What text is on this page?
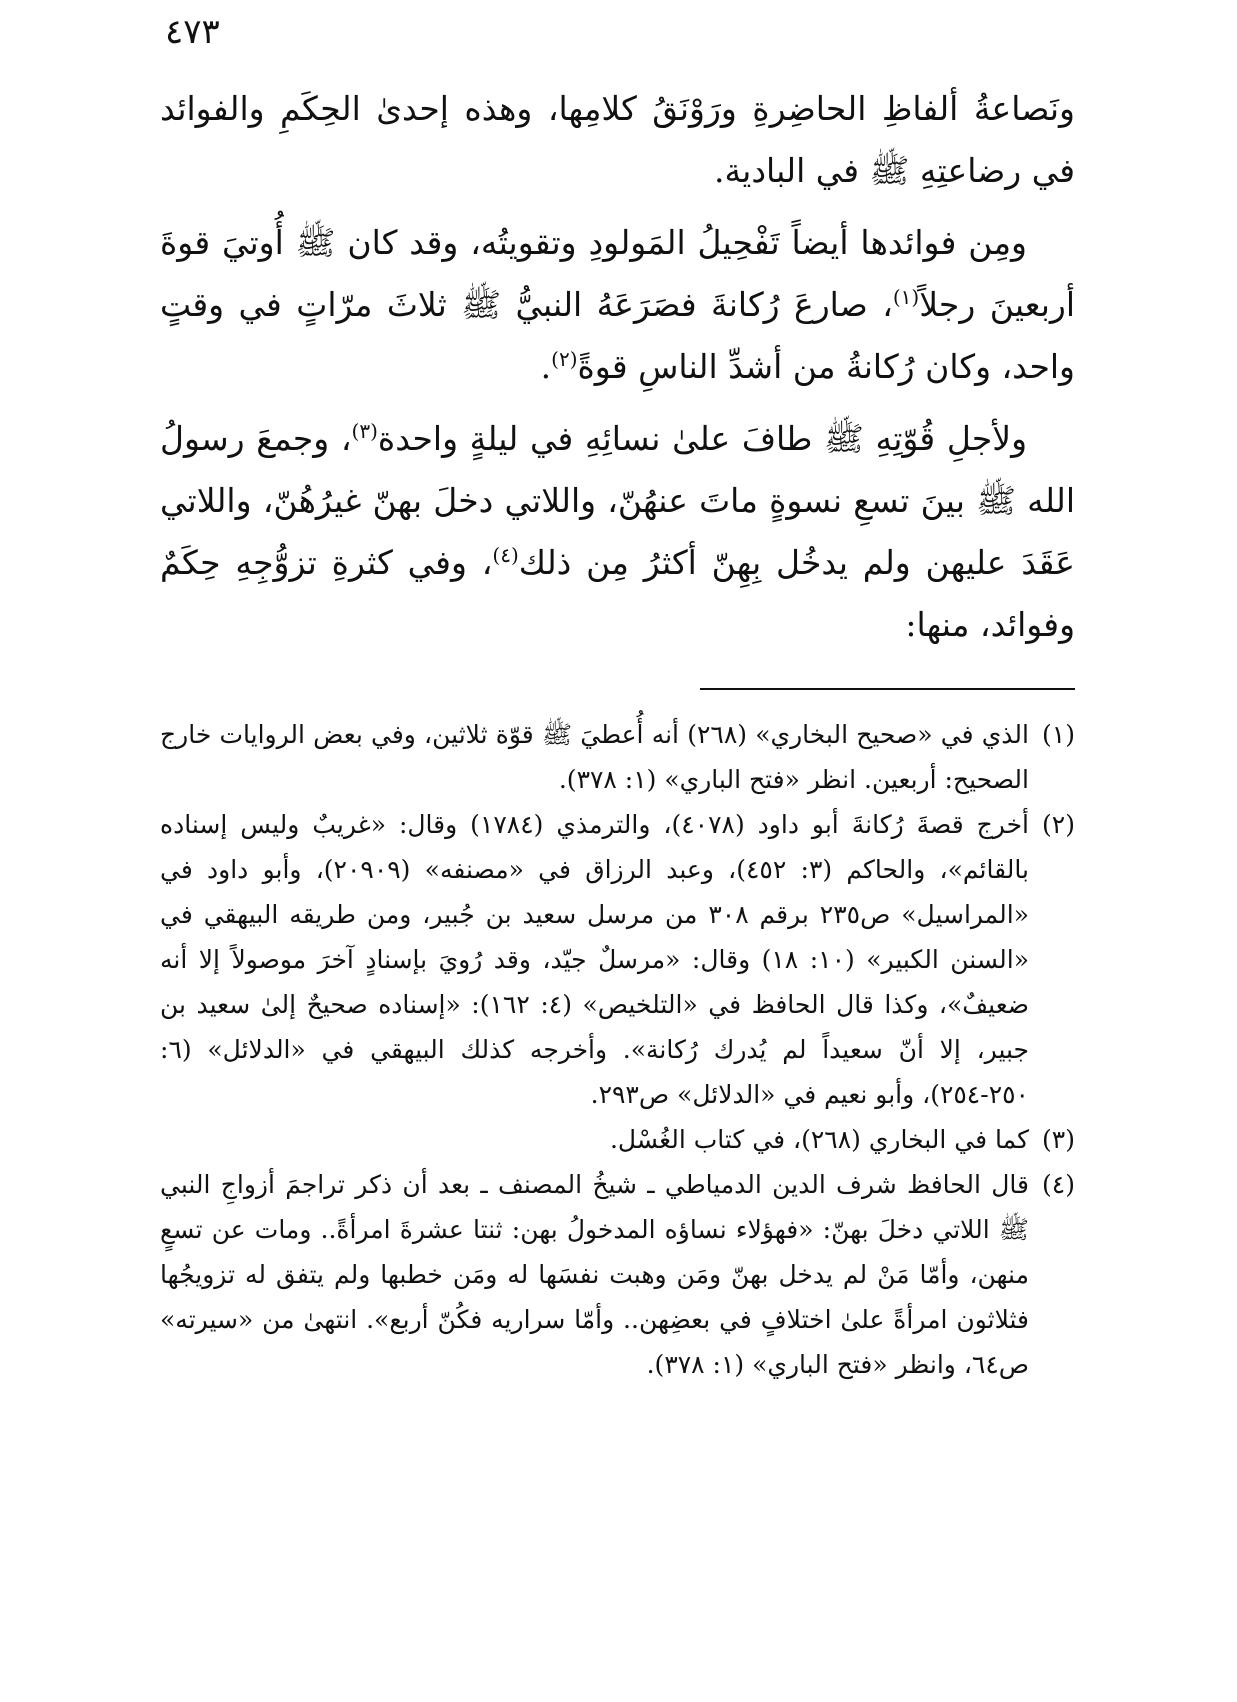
٤٧٣

ونَصاعةُ ألفاظِ الحاضِرةِ ورَوْنَقُ كلامِها، وهذه إحدىٰ الحِكَمِ والفوائد في رضاعتِهِ ﷺ في البادية.

ومِن فوائدها أيضاً تَفْحِيلُ المَولودِ وتقويتُه، وقد كان ﷺ أُوتيَ قوةَ أربعينَ رجلاً$^{(١)}$، صارعَ رُكانةَ فصَرَعَهُ النبيُّ ﷺ ثلاثَ مرّاتٍ في وقتٍ واحد، وكان رُكانةُ من أشدِّ الناسِ قوةً$^{(٢)}$.

ولأجلِ قُوّتِهِ ﷺ طافَ علىٰ نسائِهِ في ليلةٍ واحدة$^{(٣)}$، وجمعَ رسولُ الله ﷺ بينَ تسعِ نسوةٍ ماتَ عنهُنّ، واللاتي دخلَ بهنّ غيرُهُنّ، واللاتي عَقَدَ عليهن ولم يدخُل بِهِنّ أكثرُ مِن ذلك$^{(٤)}$، وفي كثرةِ تزوُّجِهِ حِكَمٌ وفوائد، منها:

(١)
الذي في «صحيح البخاري» (٢٦٨) أنه أُعطيَ ﷺ قوّة ثلاثين، وفي بعض الروايات خارج الصحيح: أربعين. انظر «فتح الباري» (١: ٣٧٨).
(٢)
أخرج قصةَ رُكانةَ أبو داود (٤٠٧٨)، والترمذي (١٧٨٤) وقال: «غريبٌ وليس إسناده بالقائم»، والحاكم (٣: ٤٥٢)، وعبد الرزاق في «مصنفه» (٢٠٩٠٩)، وأبو داود في «المراسيل» ص٢٣٥ برقم ٣٠٨ من مرسل سعيد بن جُبير، ومن طريقه البيهقي في «السنن الكبير» (١٠: ١٨) وقال: «مرسلٌ جيّد، وقد رُويَ بإسنادٍ آخرَ موصولاً إلا أنه ضعيفٌ»، وكذا قال الحافظ في «التلخيص» (٤: ١٦٢): «إسناده صحيحٌ إلىٰ سعيد بن جبير، إلا أنّ سعيداً لم يُدرك رُكانة». وأخرجه كذلك البيهقي في «الدلائل» (٦: ٢٥٠-٢٥٤)، وأبو نعيم في «الدلائل» ص٢٩٣.
(٣)
كما في البخاري (٢٦٨)، في كتاب الغُسْل.
(٤)
قال الحافظ شرف الدين الدمياطي ـ شيخُ المصنف ـ بعد أن ذكر تراجمَ أزواجِ النبي ﷺ اللاتي دخلَ بهنّ: «فهؤلاء نساؤه المدخولُ بهن: ثنتا عشرةَ امرأةً.. ومات عن تسعٍ منهن، وأمّا مَنْ لم يدخل بهنّ ومَن وهبت نفسَها له ومَن خطبها ولم يتفق له تزويجُها فثلاثون امرأةً علىٰ اختلافٍ في بعضِهن.. وأمّا سراريه فكُنّ أربع». انتهىٰ من «سيرته» ص٦٤، وانظر «فتح الباري» (١: ٣٧٨).
